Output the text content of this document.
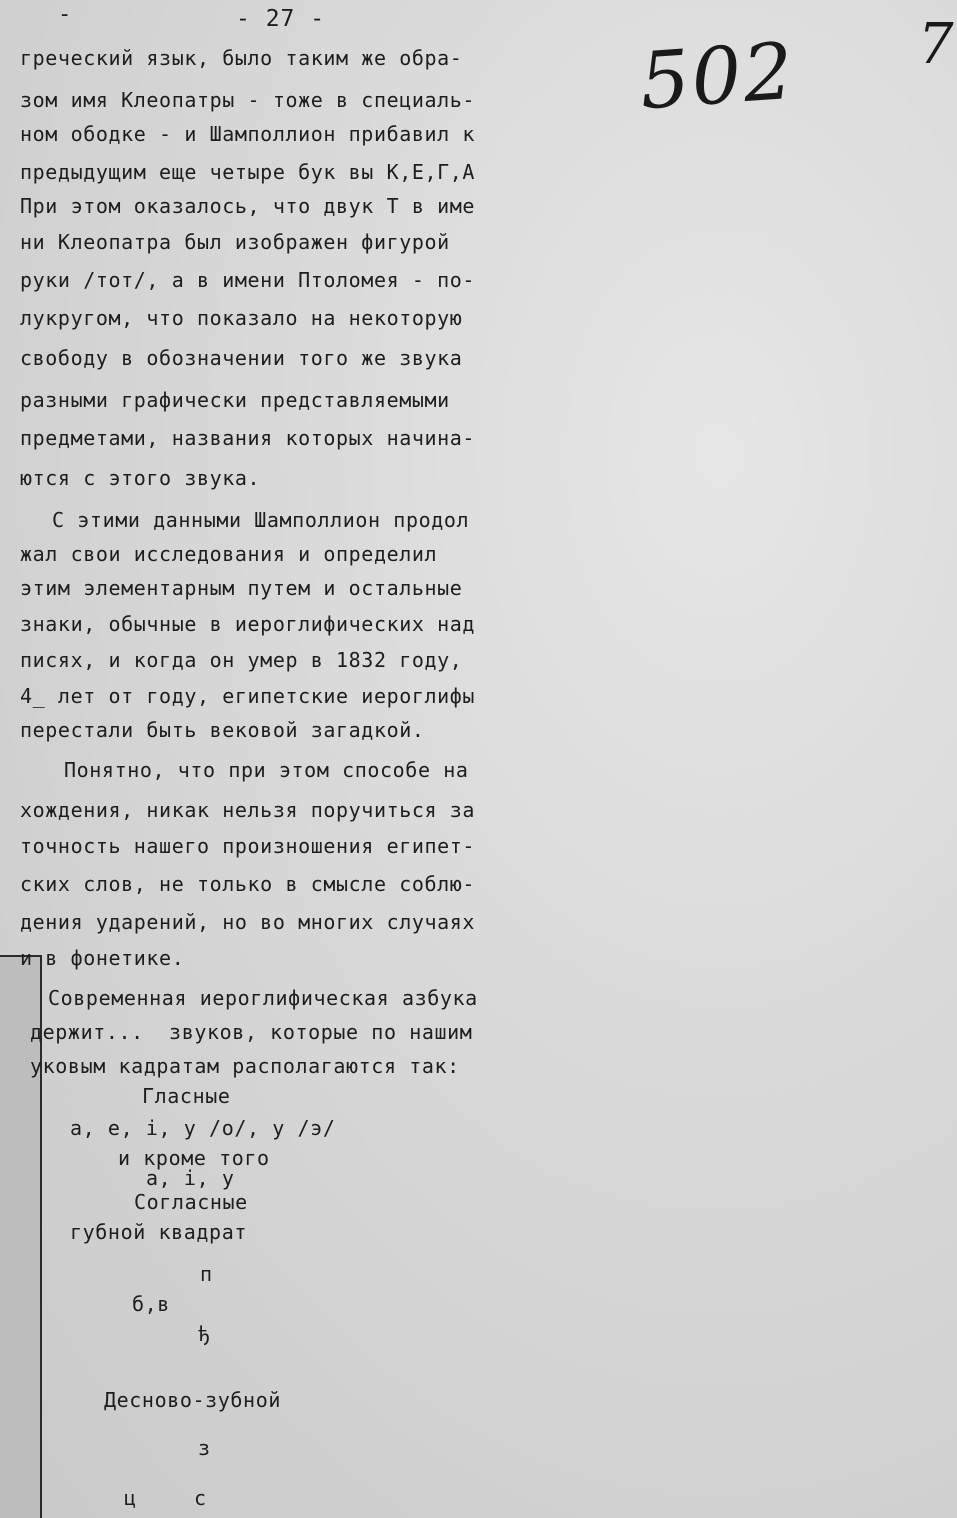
-	- 27 -
502 7
греческий язык, было таким же обра-
зом имя Клеопатры - тоже в специаль-
ном ободке - и Шамполлион прибавил к
предыдущим еще четыре бук вы К,Е,Г,А
При этом оказалось, что двук Т в име
ни Клеопатра был изображен фигурой
руки /тот/, а в имени Птоломея - по-
лукругом, что показало на некоторую
свободу в обозначении того же звука
разными графически представляемыми
предметами, названия которых начина-
ются с этого звука.
С этими данными Шамполлион продол
жал свои исследования и определил
этим элементарным путем и остальные
знаки, обычные в иероглифических над
писях, и когда он умер в 1832 году,
4_ лет от году, египетские иероглифы
перестали быть вековой загадкой.
Понятно, что при этом способе на
хождения, никак нельзя поручиться за
точность нашего произношения египет-
ских слов, не только в смысле соблю-
дения ударений, но во многих случаях
и в фонетике.
Современная иероглифическая азбука
держит...  звуков, которые по нашим
уковым кадратам располагаются так:
Гласные
а, е, і, у /о/, у /э/
и кроме того
а, і, у
Согласные
губной квадрат
п
б,в
ђ
Десново-зубной
з
ц	с
